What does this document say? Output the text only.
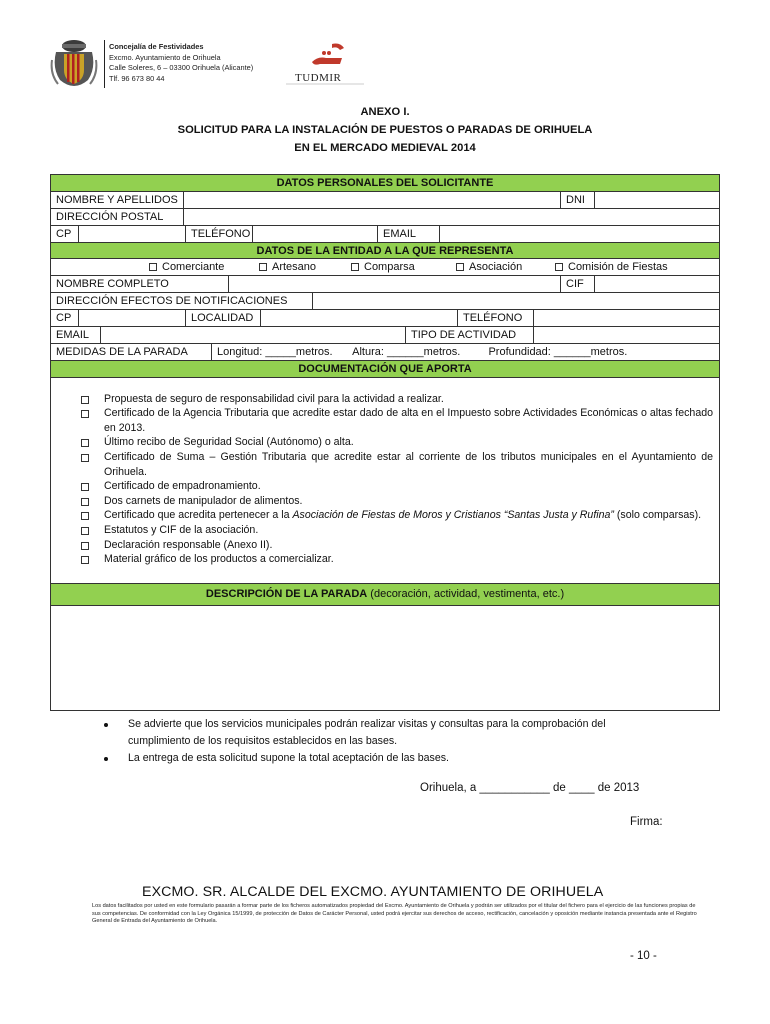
Concejalía de Festividades
Excmo. Ayuntamiento de Orihuela
Calle Soleres, 6 – 03300 Orihuela (Alicante)
Tlf. 96 673 80 44	TUDMIR
ANEXO I.
SOLICITUD PARA LA INSTALACIÓN DE PUESTOS O PARADAS DE ORIHUELA
EN EL MERCADO MEDIEVAL 2014
DATOS PERSONALES DEL SOLICITANTE
NOMBRE Y APELLIDOS	DNI
DIRECCIÓN POSTAL
CP	TELÉFONO	EMAIL
DATOS DE LA ENTIDAD A LA QUE REPRESENTA
Comerciante	Artesano	Comparsa	Asociación	Comisión de Fiestas
NOMBRE COMPLETO	CIF
DIRECCIÓN EFECTOS DE NOTIFICACIONES
CP	LOCALIDAD	TELÉFONO
EMAIL	TIPO DE ACTIVIDAD
MEDIDAS DE LA PARADA	Longitud: _____metros. Altura: ______metros.	Profundidad: ______metros.
DOCUMENTACIÓN QUE APORTA
Propuesta de seguro de responsabilidad civil para la actividad a realizar.
Certificado de la Agencia Tributaria que acredite estar dado de alta en el Impuesto sobre Actividades Económicas o altas fechado en 2013.
Último recibo de Seguridad Social (Autónomo) o alta.
Certificado de Suma – Gestión Tributaria que acredite estar al corriente de los tributos municipales en el Ayuntamiento de Orihuela.
Certificado de empadronamiento.
Dos carnets de manipulador de alimentos.
Certificado que acredita pertenecer a la Asociación de Fiestas de Moros y Cristianos “Santas Justa y Rufina” (solo comparsas).
Estatutos y CIF de la asociación.
Declaración responsable (Anexo II).
Material gráfico de los productos a comercializar.
DESCRIPCIÓN DE LA PARADA (decoración, actividad, vestimenta, etc.)
Se advierte que los servicios municipales podrán realizar visitas y consultas para la comprobación del cumplimiento de los requisitos establecidos en las bases.
La entrega de esta solicitud supone la total aceptación de las bases.
Orihuela, a ___________ de ____ de 2013
Firma:
EXCMO. SR. ALCALDE DEL EXCMO. AYUNTAMIENTO DE ORIHUELA
Los datos facilitados por usted en este formulario pasarán a formar parte de los ficheros automatizados propiedad del Excmo. Ayuntamiento de Orihuela y podrán ser utilizados por el titular del fichero para el ejercicio de las funciones propias de sus competencias. De conformidad con la Ley Orgánica 15/1999, de protección de Datos de Carácter Personal, usted podrá ejercitar sus derechos de acceso, rectificación, cancelación y oposición mediante instancia presentada ante el Registro General de Entrada del Ayuntamiento de Orihuela.
- 10 -
